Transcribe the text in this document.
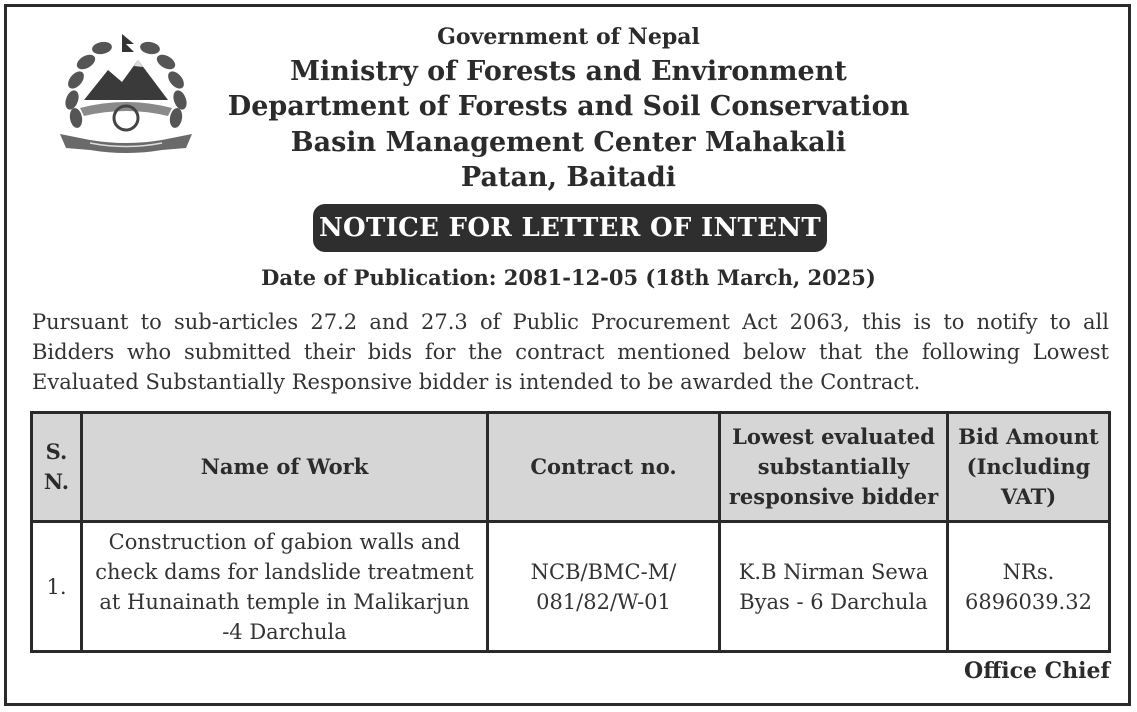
Government of Nepal
Ministry of Forests and Environment
Department of Forests and Soil Conservation
Basin Management Center Mahakali
Patan, Baitadi
NOTICE FOR LETTER OF INTENT
Date of Publication: 2081-12-05 (18th March, 2025)
Pursuant to sub-articles 27.2 and 27.3 of Public Procurement Act 2063, this is to notify to all Bidders who submitted their bids for the contract mentioned below that the following Lowest Evaluated Substantially Responsive bidder is intended to be awarded the Contract.
S. N.	Name of Work	Contract no.	Lowest evaluated substantially responsive bidder	Bid Amount (Including VAT)
1.	Construction of gabion walls and check dams for landslide treatment at Hunainath temple in Malikarjun -4 Darchula	NCB/BMC-M/ 081/82/W-01	K.B Nirman Sewa Byas - 6 Darchula	NRs. 6896039.32
Office Chief
